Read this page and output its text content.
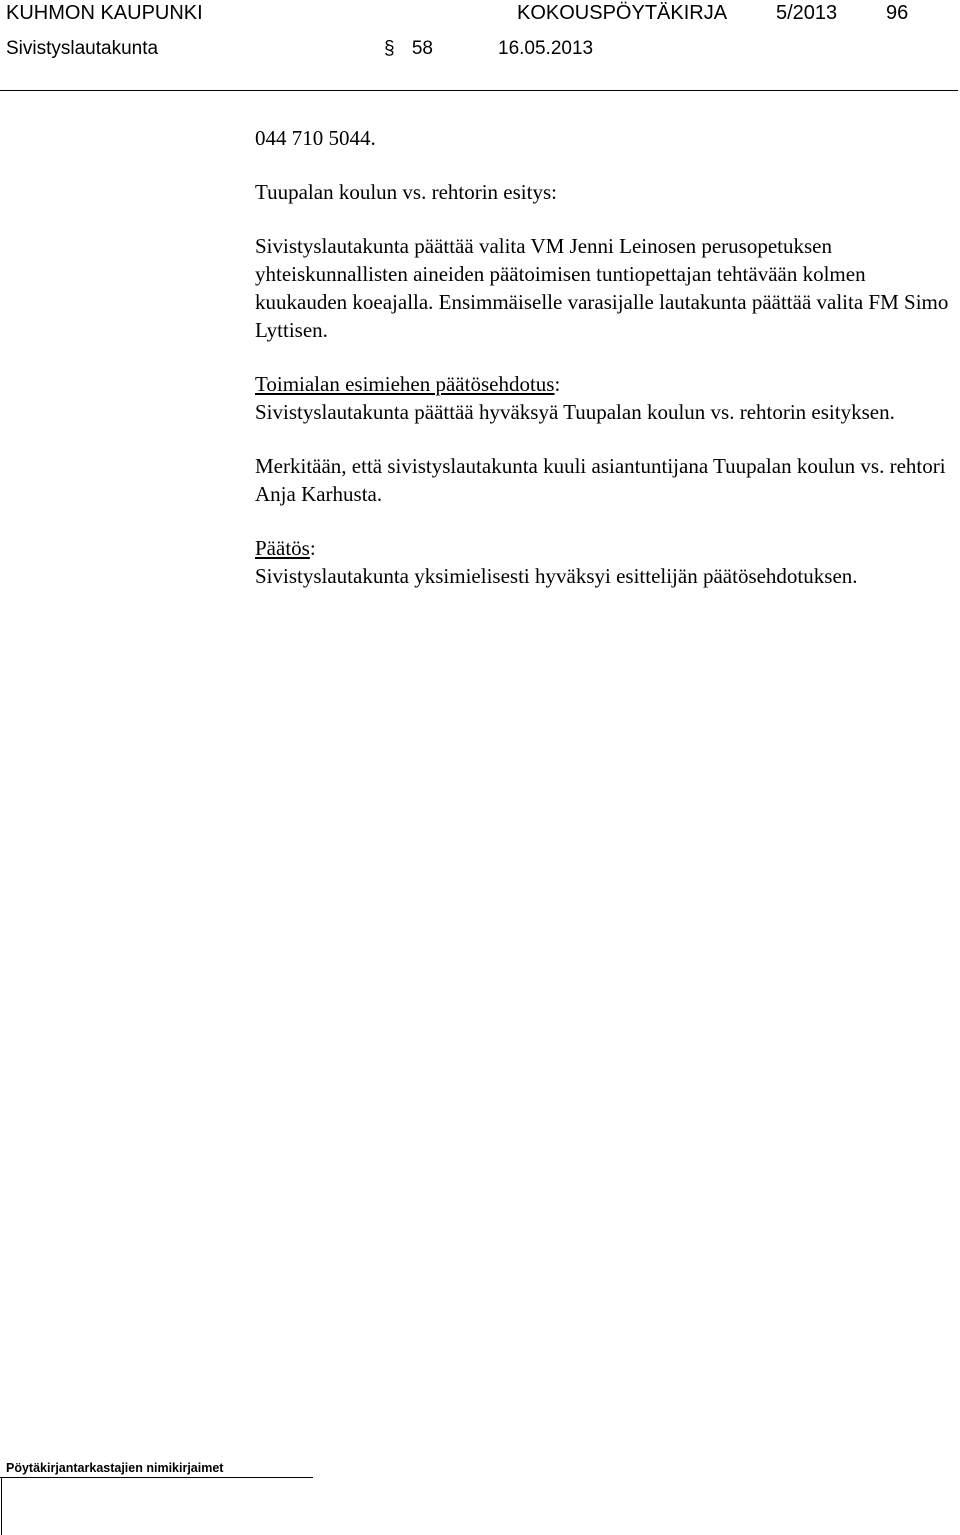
KUHMON KAUPUNKI	KOKOUSPÖYTÄKIRJA 5/2013 96
Sivistyslautakunta	§ 58	16.05.2013

044 710 5044.

Tuupalan koulun vs. rehtorin esitys:

Sivistyslautakunta päättää valita VM Jenni Leinosen perusopetuksen yhteiskunnallisten aineiden päätoimisen tuntiopettajan tehtävään kolmen kuukauden koeajalla. Ensimmäiselle varasijalle lautakunta päättää valita FM Simo Lyttisen.

Toimialan esimiehen päätösehdotus:
Sivistyslautakunta päättää hyväksyä Tuupalan koulun vs. rehtorin esityksen.

Merkitään, että sivistyslautakunta kuuli asiantuntijana Tuupalan koulun vs. rehtori Anja Karhusta.

Päätös:
Sivistyslautakunta yksimielisesti hyväksyi esittelijän päätösehdotuksen.

Pöytäkirjantarkastajien nimikirjaimet
